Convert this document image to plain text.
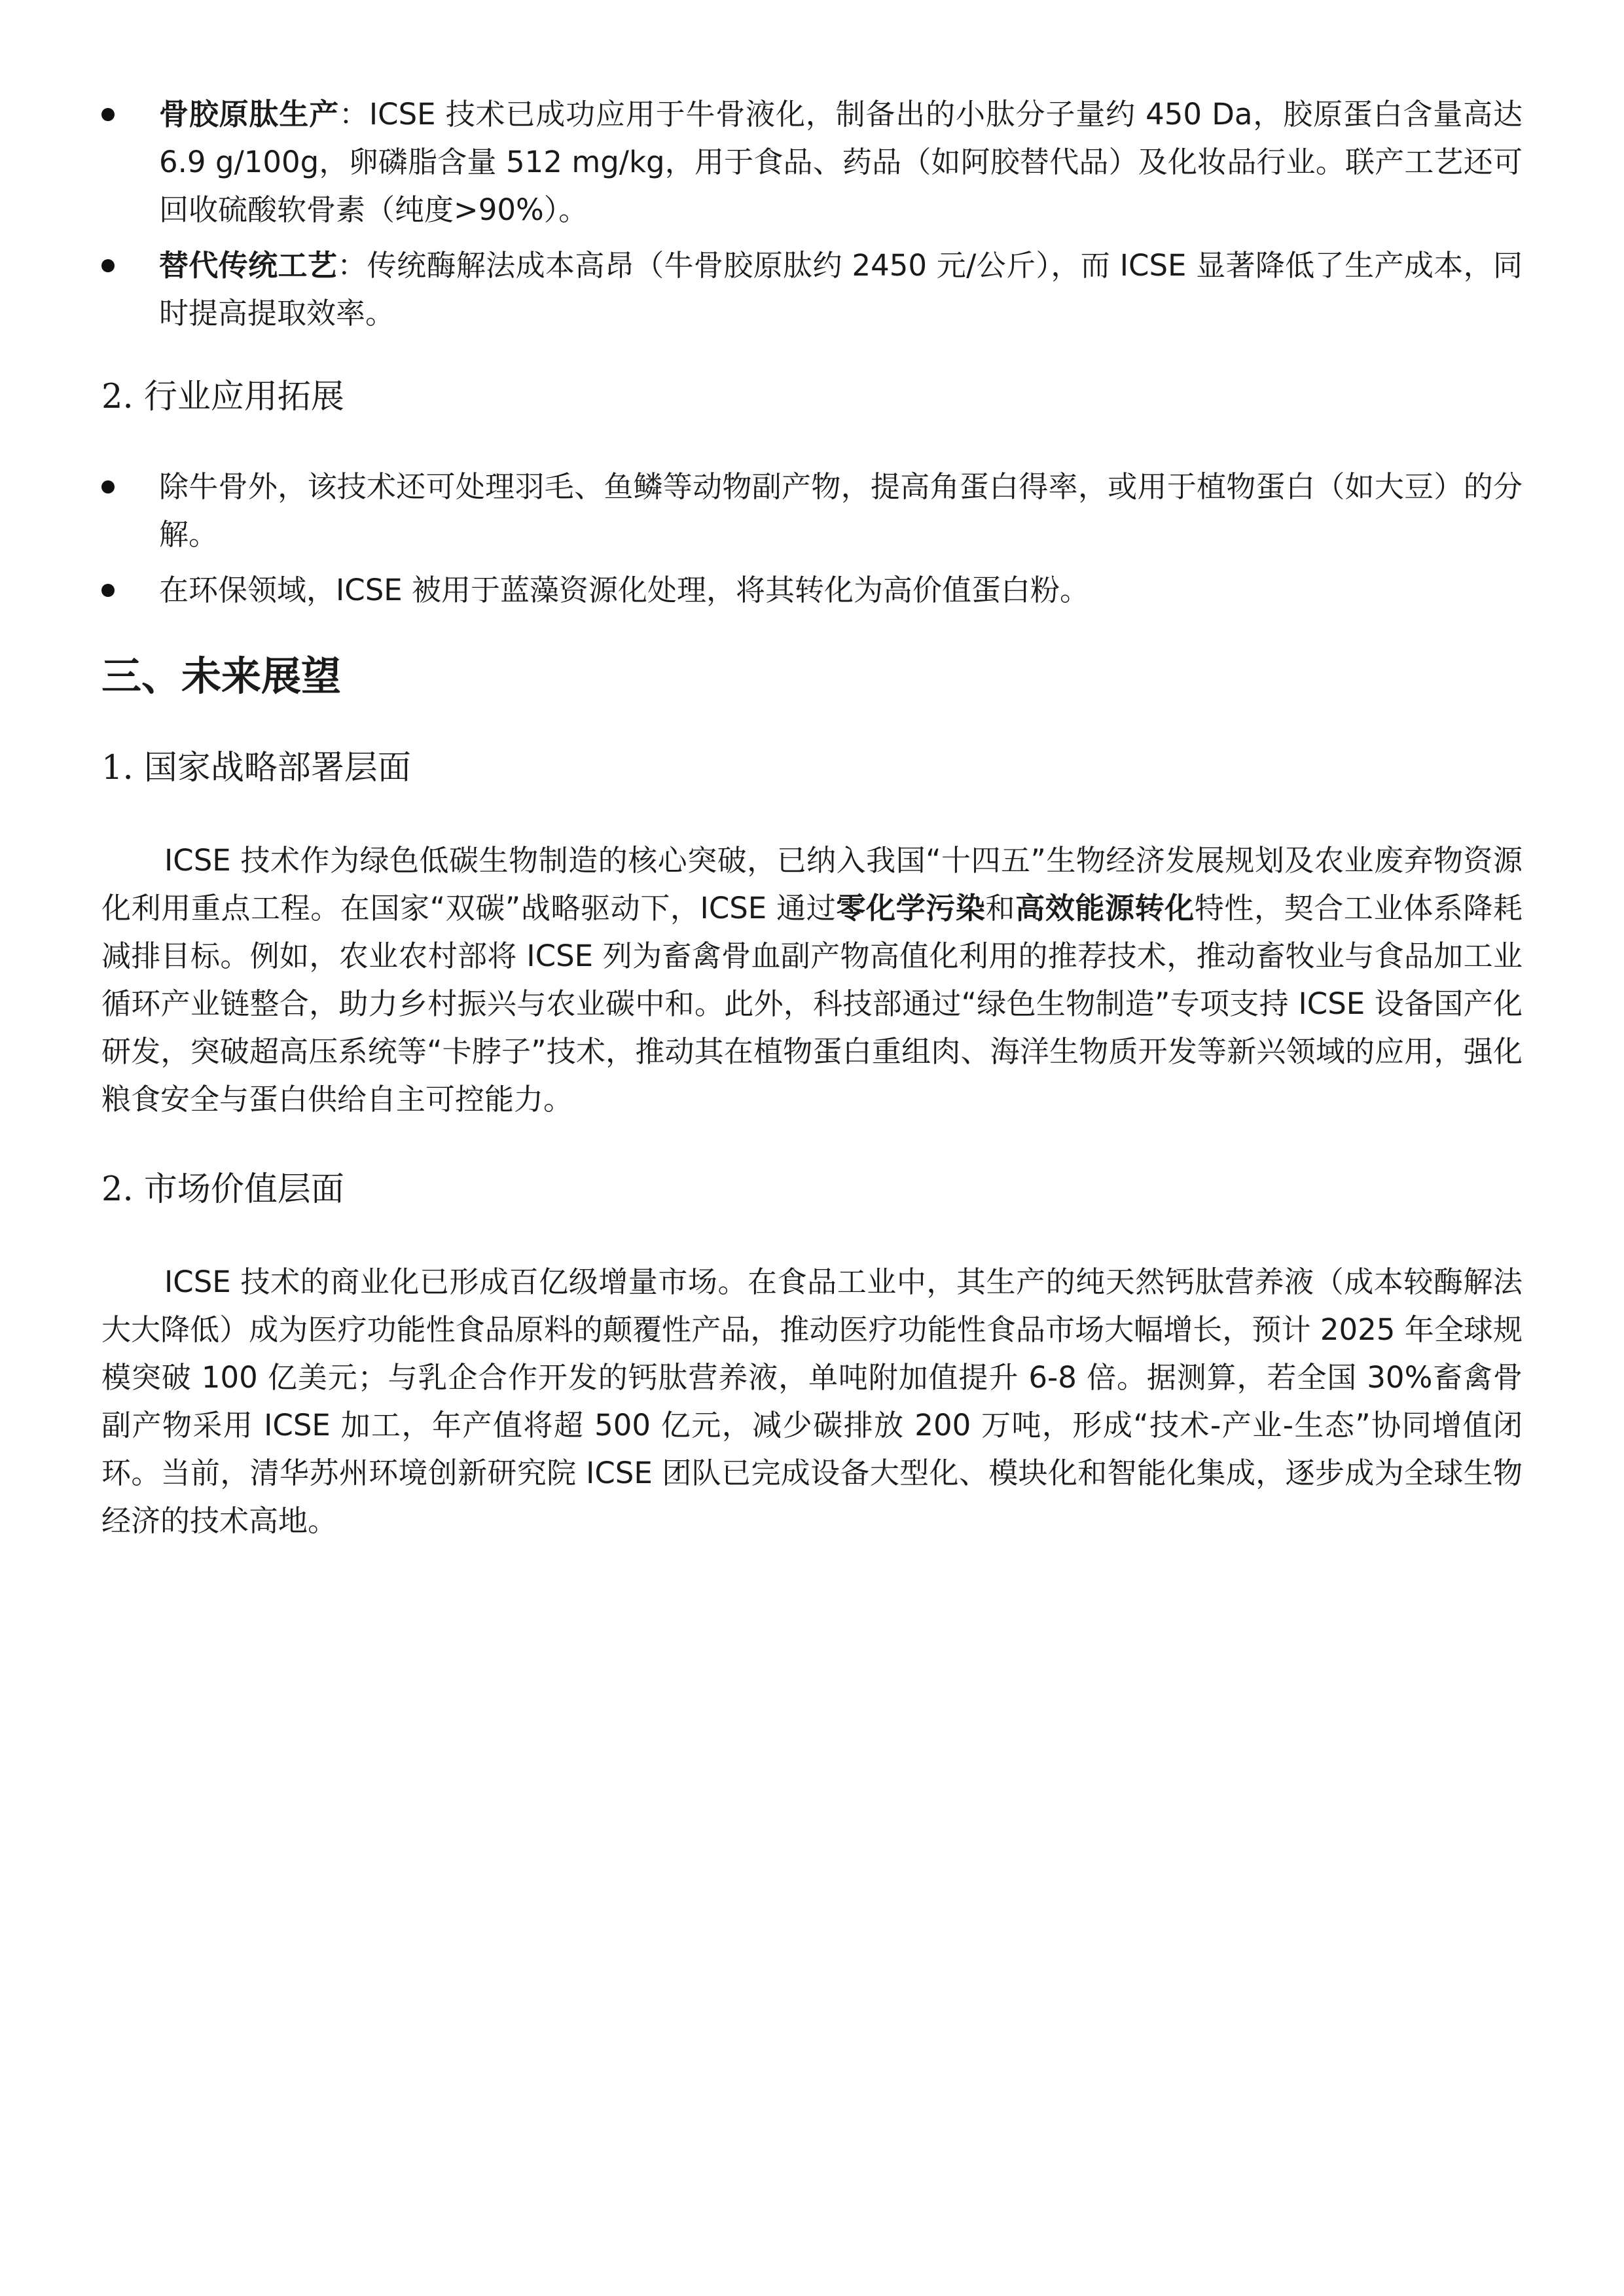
骨胶原肽生产：ICSE 技术已成功应用于牛骨液化，制备出的小肽分子量约 450 Da，胶原蛋白含量高达 6.9 g/100g，卵磷脂含量 512 mg/kg，用于食品、药品（如阿胶替代品）及化妆品行业。联产工艺还可回收硫酸软骨素（纯度>90%）。
替代传统工艺：传统酶解法成本高昂（牛骨胶原肽约 2450 元/公斤），而 ICSE 显著降低了生产成本，同时提高提取效率。
2. 行业应用拓展
除牛骨外，该技术还可处理羽毛、鱼鳞等动物副产物，提高角蛋白得率，或用于植物蛋白（如大豆）的分解。
在环保领域，ICSE 被用于蓝藻资源化处理，将其转化为高价值蛋白粉。
三、未来展望
1. 国家战略部署层面

ICSE 技术作为绿色低碳生物制造的核心突破，已纳入我国“十四五”生物经济发展规划及农业废弃物资源化利用重点工程。在国家“双碳”战略驱动下，ICSE 通过零化学污染和高效能源转化特性，契合工业体系降耗减排目标。例如，农业农村部将 ICSE 列为畜禽骨血副产物高值化利用的推荐技术，推动畜牧业与食品加工业循环产业链整合，助力乡村振兴与农业碳中和。此外，科技部通过“绿色生物制造”专项支持 ICSE 设备国产化研发，突破超高压系统等“卡脖子”技术，推动其在植物蛋白重组肉、海洋生物质开发等新兴领域的应用，强化粮食安全与蛋白供给自主可控能力。

2. 市场价值层面

ICSE 技术的商业化已形成百亿级增量市场。在食品工业中，其生产的纯天然钙肽营养液（成本较酶解法大大降低）成为医疗功能性食品原料的颠覆性产品，推动医疗功能性食品市场大幅增长，预计 2025 年全球规模突破 100 亿美元；与乳企合作开发的钙肽营养液，单吨附加值提升 6-8 倍。据测算，若全国 30%畜禽骨副产物采用 ICSE 加工，年产值将超 500 亿元，减少碳排放 200 万吨，形成“技术-产业-生态”协同增值闭环。当前，清华苏州环境创新研究院 ICSE 团队已完成设备大型化、模块化和智能化集成，逐步成为全球生物经济的技术高地。
